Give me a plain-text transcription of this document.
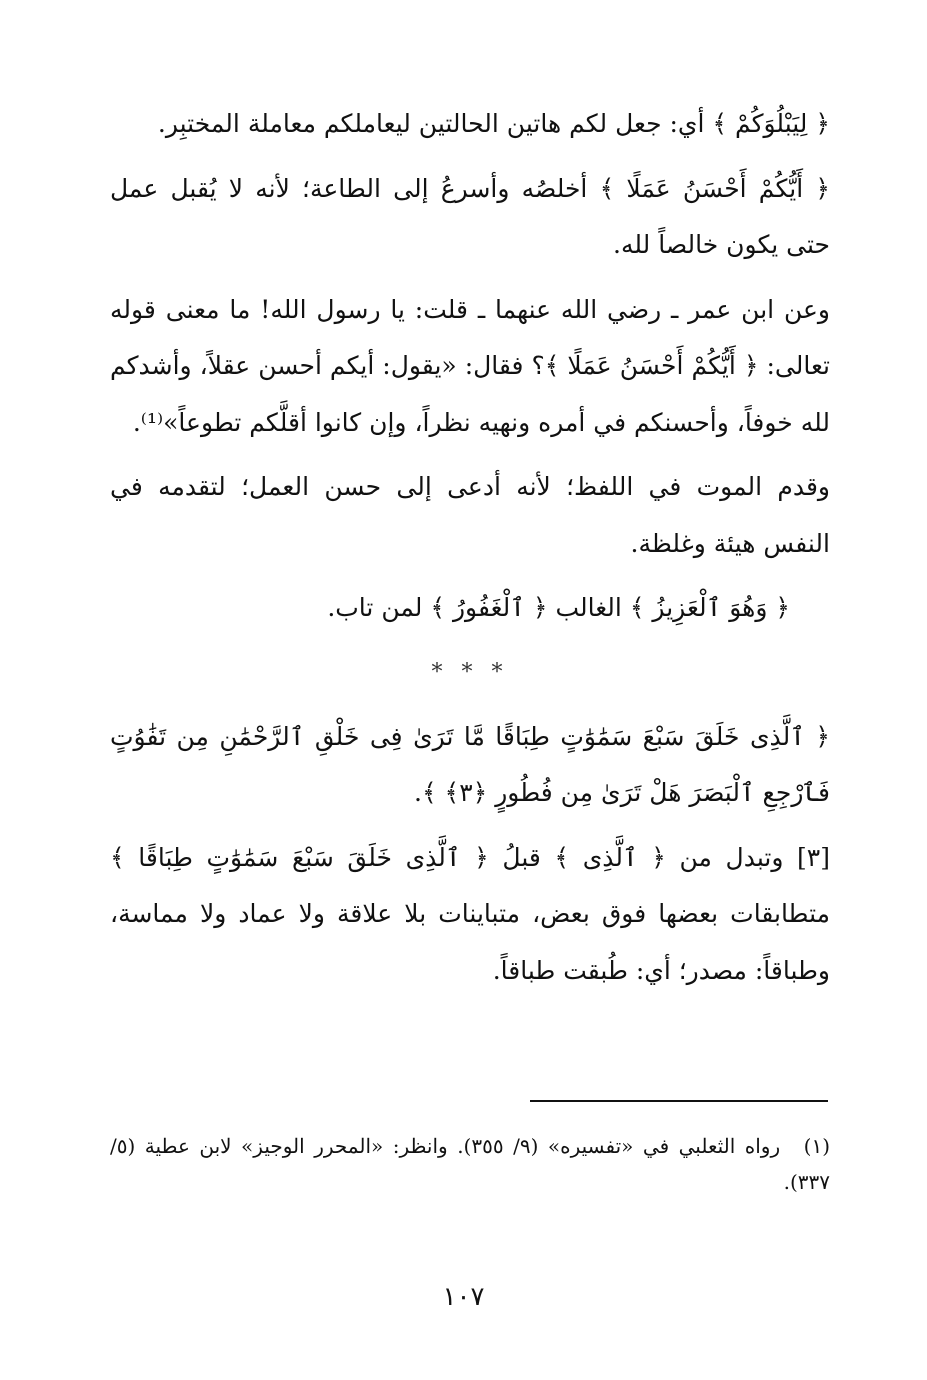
﴿ لِيَبْلُوَكُمْ ﴾ أي: جعل لكم هاتين الحالتين ليعاملكم معاملة المختبِر.

﴿ أَيُّكُمْ أَحْسَنُ عَمَلًا ﴾ أخلصُه وأسرعُ إلى الطاعة؛ لأنه لا يُقبل عمل حتى يكون خالصاً لله.

وعن ابن عمر ـ رضي الله عنهما ـ قلت: يا رسول الله! ما معنى قوله تعالى: ﴿ أَيُّكُمْ أَحْسَنُ عَمَلًا ﴾؟ فقال: «يقول: أيكم أحسن عقلاً، وأشدكم لله خوفاً، وأحسنكم في أمره ونهيه نظراً، وإن كانوا أقلَّكم تطوعاً»⁽¹⁾.

وقدم الموت في اللفظ؛ لأنه أدعى إلى حسن العمل؛ لتقدمه في النفس هيئة وغلظة.

﴿ وَهُوَ ٱلْعَزِيزُ ﴾ الغالب ﴿ ٱلْغَفُورُ ﴾ لمن تاب.

* * *

﴿ ٱلَّذِى خَلَقَ سَبْعَ سَمَٰوَٰتٍ طِبَاقًا مَّا تَرَىٰ فِى خَلْقِ ٱلرَّحْمَٰنِ مِن تَفَٰوُتٍ فَٱرْجِعِ ٱلْبَصَرَ هَلْ تَرَىٰ مِن فُطُورٍ ﴿٣﴾ ﴾.

[٣] وتبدل من ﴿ ٱلَّذِى ﴾ قبلُ ﴿ ٱلَّذِى خَلَقَ سَبْعَ سَمَٰوَٰتٍ طِبَاقًا ﴾ متطابقات بعضها فوق بعض، متباينات بلا علاقة ولا عماد ولا مماسة، وطباقاً: مصدر؛ أي: طُبقت طباقاً.

(١) رواه الثعلبي في «تفسيره» (٩/ ٣٥٥). وانظر: «المحرر الوجيز» لابن عطية (٥/ ٣٣٧).
١٠٧
